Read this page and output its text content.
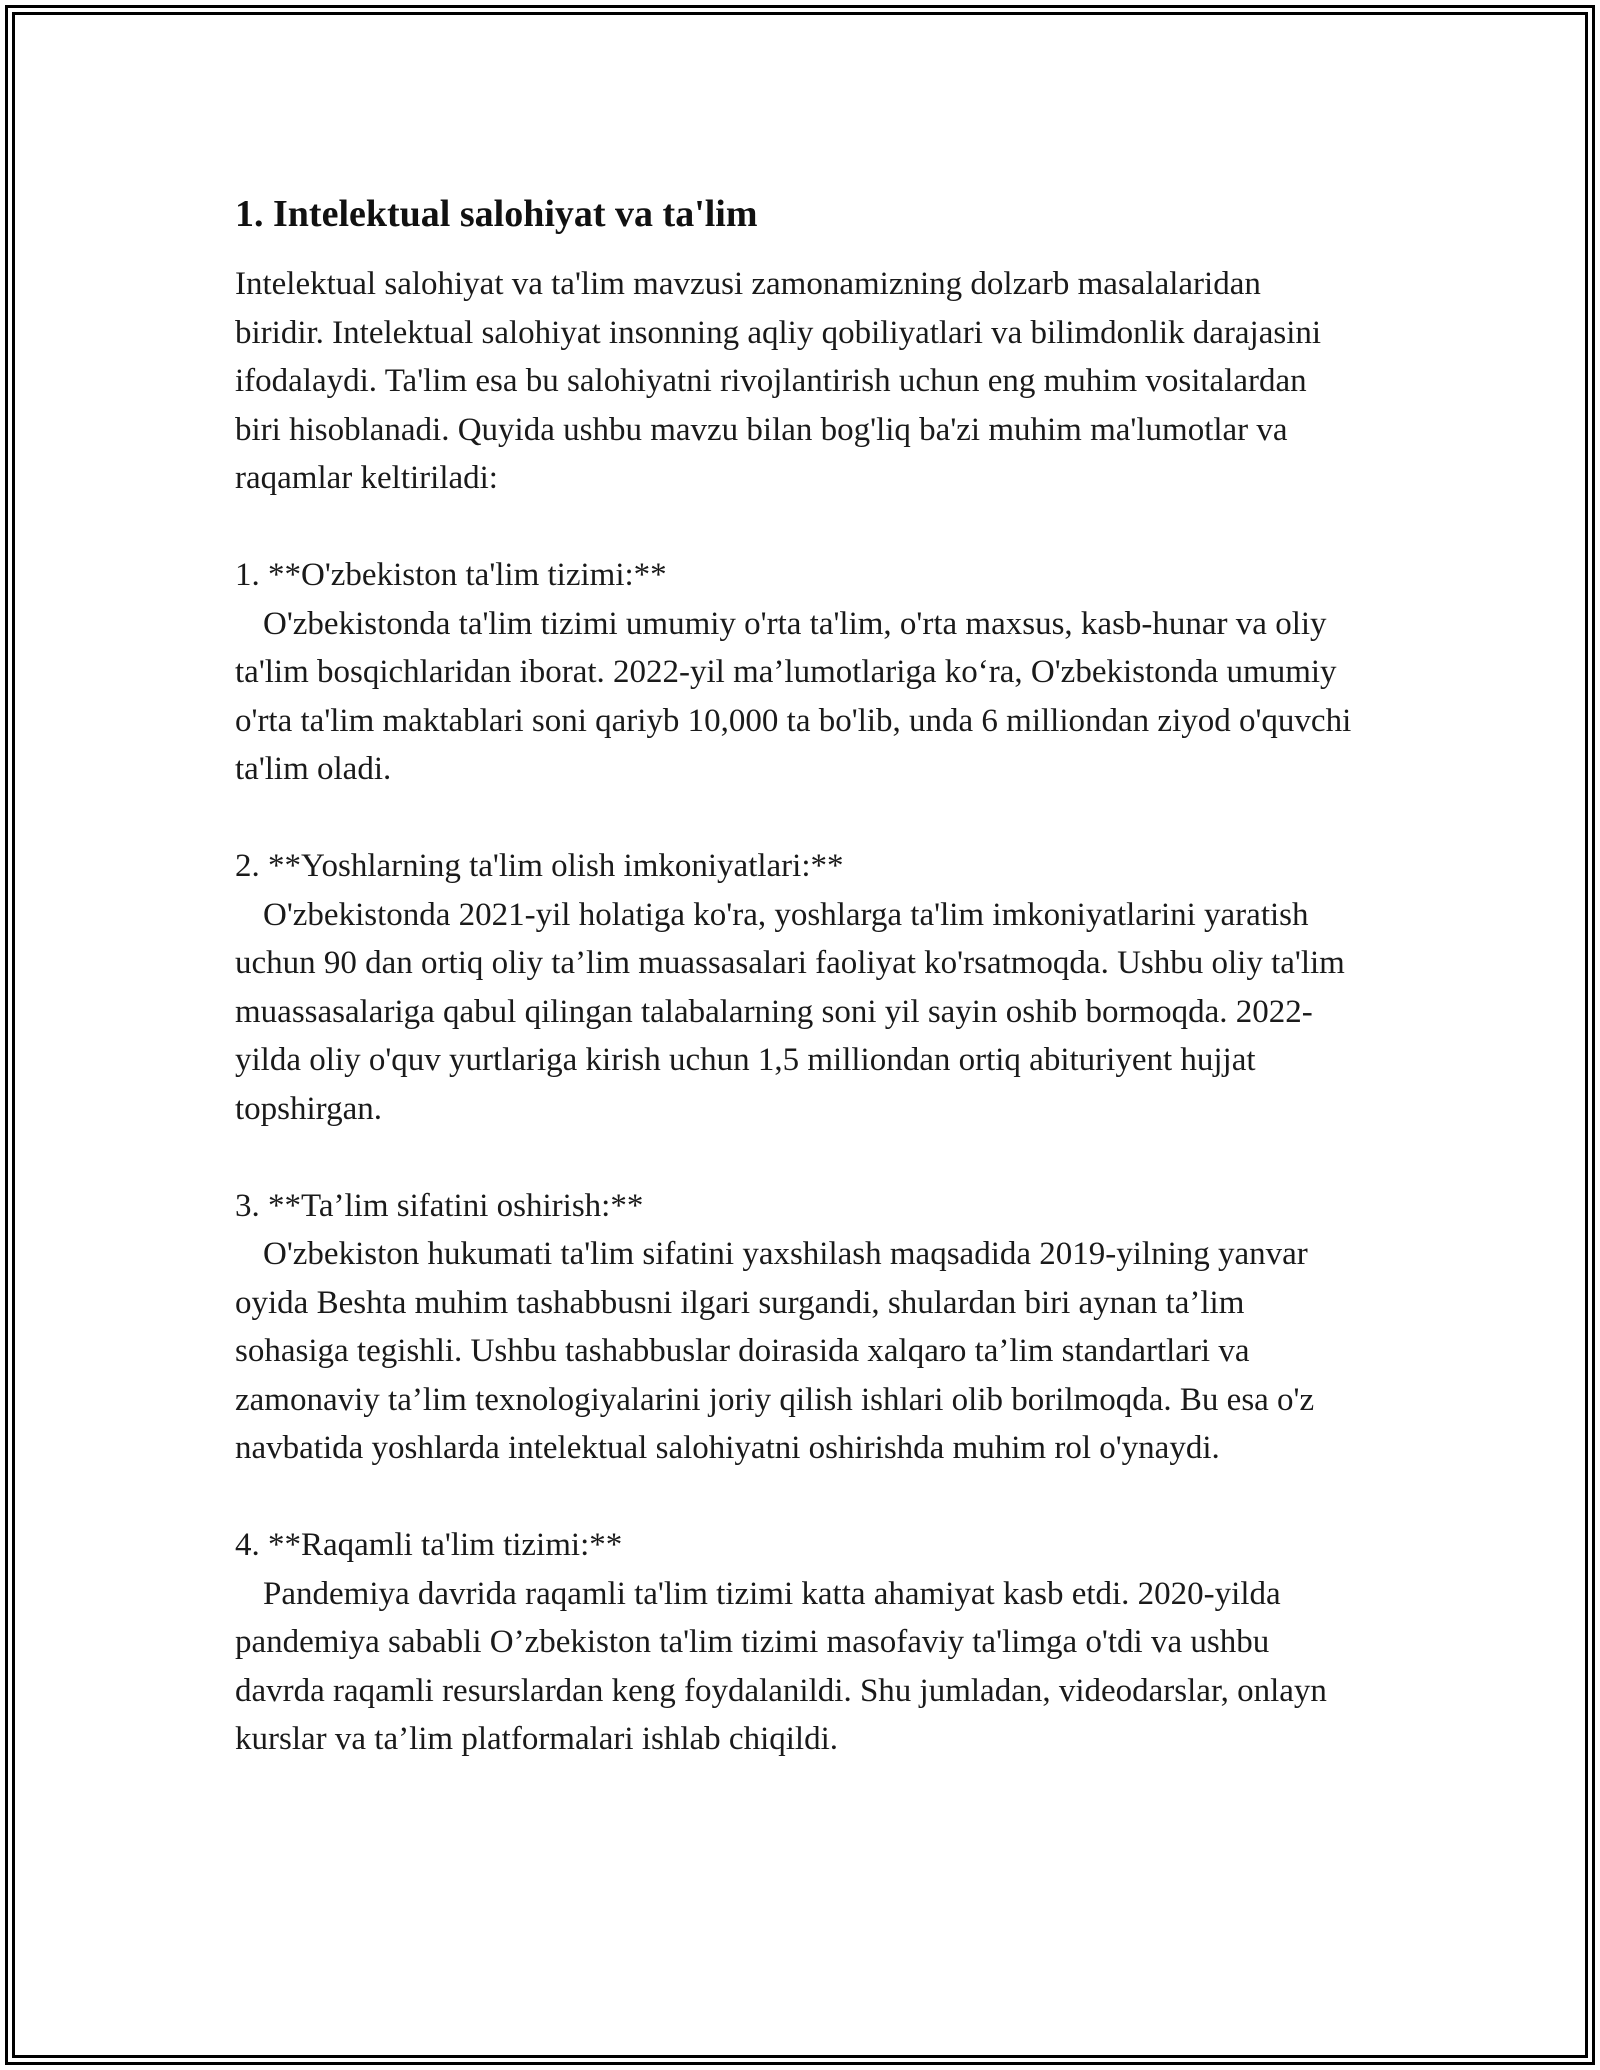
1. Intelektual salohiyat va ta'lim

Intelektual salohiyat va ta'lim mavzusi zamonamizning dolzarb masalalaridan biridir. Intelektual salohiyat insonning aqliy qobiliyatlari va bilimdonlik darajasini ifodalaydi. Ta'lim esa bu salohiyatni rivojlantirish uchun eng muhim vositalardan biri hisoblanadi. Quyida ushbu mavzu bilan bog'liq ba'zi muhim ma'lumotlar va raqamlar keltiriladi:

1. **O'zbekiston ta'lim tizimi:**

O'zbekistonda ta'lim tizimi umumiy o'rta ta'lim, o'rta maxsus, kasb-hunar va oliy ta'lim bosqichlaridan iborat. 2022-yil ma’lumotlariga ko‘ra, O'zbekistonda umumiy o'rta ta'lim maktablari soni qariyb 10,000 ta bo'lib, unda 6 milliondan ziyod o'quvchi ta'lim oladi.

2. **Yoshlarning ta'lim olish imkoniyatlari:**

O'zbekistonda 2021-yil holatiga ko'ra, yoshlarga ta'lim imkoniyatlarini yaratish uchun 90 dan ortiq oliy ta’lim muassasalari faoliyat ko'rsatmoqda. Ushbu oliy ta'lim muassasalariga qabul qilingan talabalarning soni yil sayin oshib bormoqda. 2022-yilda oliy o'quv yurtlariga kirish uchun 1,5 milliondan ortiq abituriyent hujjat topshirgan.

3. **Ta’lim sifatini oshirish:**

O'zbekiston hukumati ta'lim sifatini yaxshilash maqsadida 2019-yilning yanvar oyida Beshta muhim tashabbusni ilgari surgandi, shulardan biri aynan ta’lim sohasiga tegishli. Ushbu tashabbuslar doirasida xalqaro ta’lim standartlari va zamonaviy ta’lim texnologiyalarini joriy qilish ishlari olib borilmoqda. Bu esa o'z navbatida yoshlarda intelektual salohiyatni oshirishda muhim rol o'ynaydi.

4. **Raqamli ta'lim tizimi:**

Pandemiya davrida raqamli ta'lim tizimi katta ahamiyat kasb etdi. 2020-yilda pandemiya sababli O’zbekiston ta'lim tizimi masofaviy ta'limga o'tdi va ushbu davrda raqamli resurslardan keng foydalanildi. Shu jumladan, videodarslar, onlayn kurslar va ta’lim platformalari ishlab chiqildi.
